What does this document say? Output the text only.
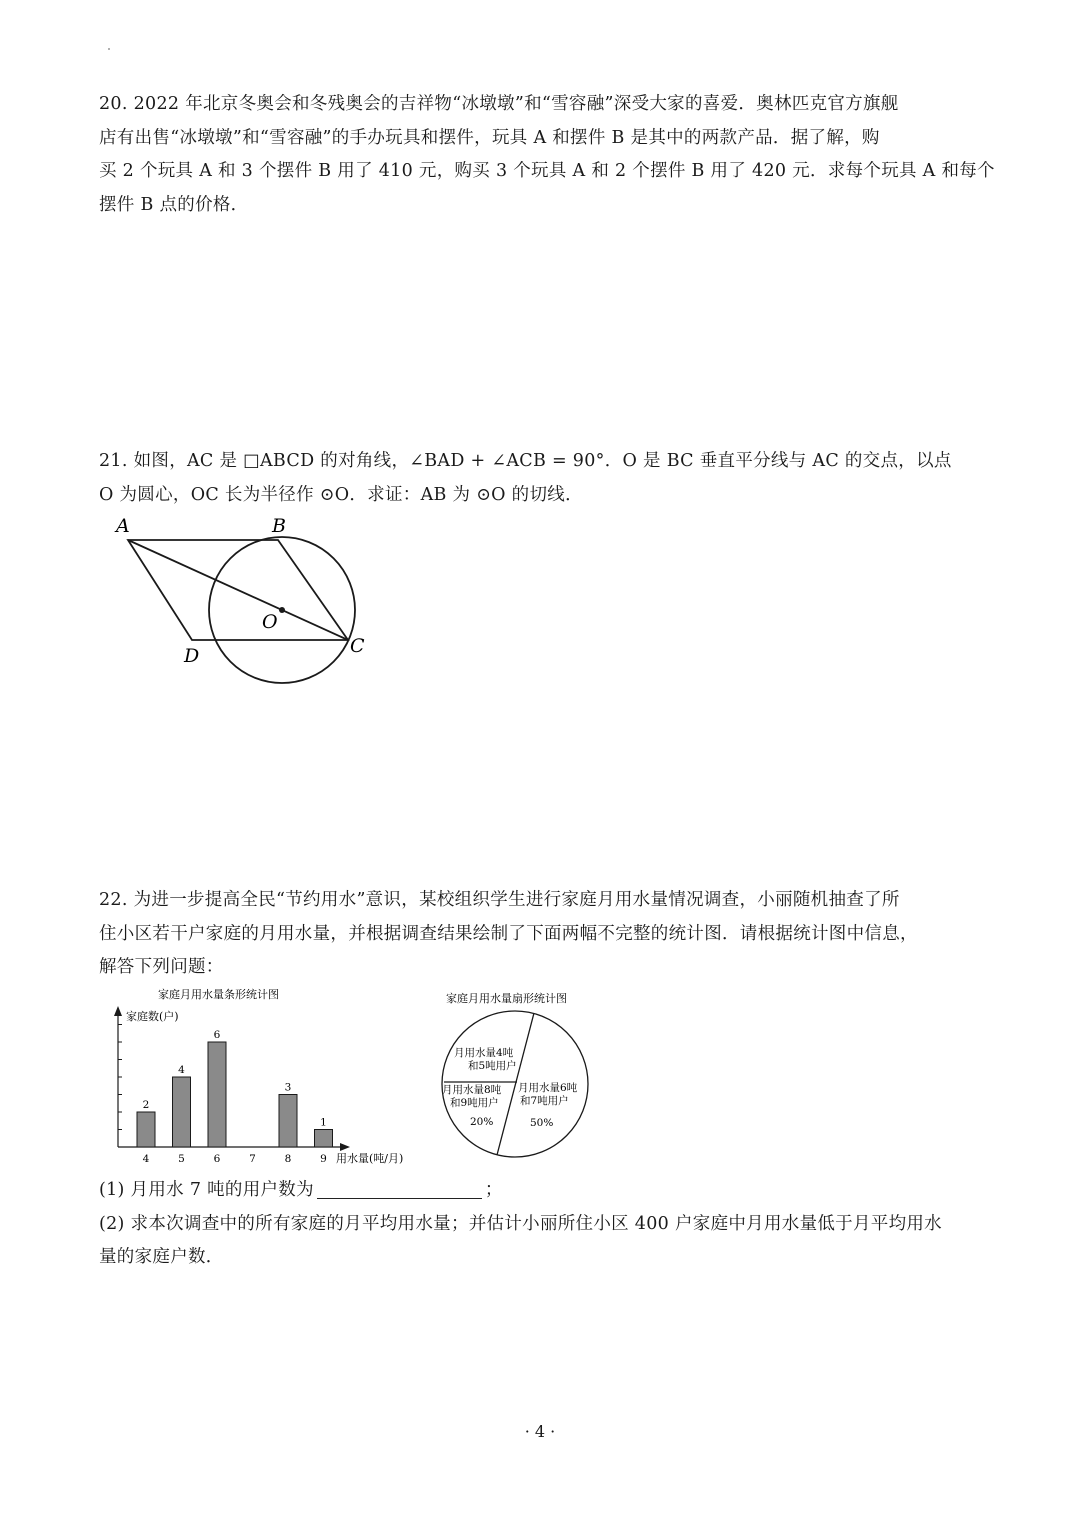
20. 2022 年北京冬奥会和冬残奥会的吉祥物“冰墩墩”和“雪容融”深受大家的喜爱．奥林匹克官方旗舰
店有出售“冰墩墩”和“雪容融”的手办玩具和摆件，玩具 A 和摆件 B 是其中的两款产品．据了解，购
买 2 个玩具 A 和 3 个摆件 B 用了 410 元，购买 3 个玩具 A 和 2 个摆件 B 用了 420 元．求每个玩具 A 和每个
摆件 B 点的价格．
21. 如图，AC 是 □ABCD 的对角线，∠BAD + ∠ACB = 90°．O 是 BC 垂直平分线与 AC 的交点，以点
O 为圆心，OC 长为半径作 ⊙O．求证：AB 为 ⊙O 的切线．
A	B
C
D
O
22. 为进一步提高全民“节约用水”意识，某校组织学生进行家庭月用水量情况调查，小丽随机抽查了所
住小区若干户家庭的月用水量，并根据调查结果绘制了下面两幅不完整的统计图．请根据统计图中信息，
解答下列问题：
家庭月用水量条形统计图
家庭数(户)
用水量(吨/月)
4
2
5
4
6
6
7	8
3
9
1
家庭月用水量扇形统计图
月用水量4吨
和5吨用户
月用水量8吨
和9吨用户
20%
月用水量6吨
和7吨用户
50%
(1) 月用水 7 吨的用户数为	；
(2) 求本次调查中的所有家庭的月平均用水量；并估计小丽所住小区 400 户家庭中月用水量低于月平均用水
量的家庭户数．
· 4 ·
